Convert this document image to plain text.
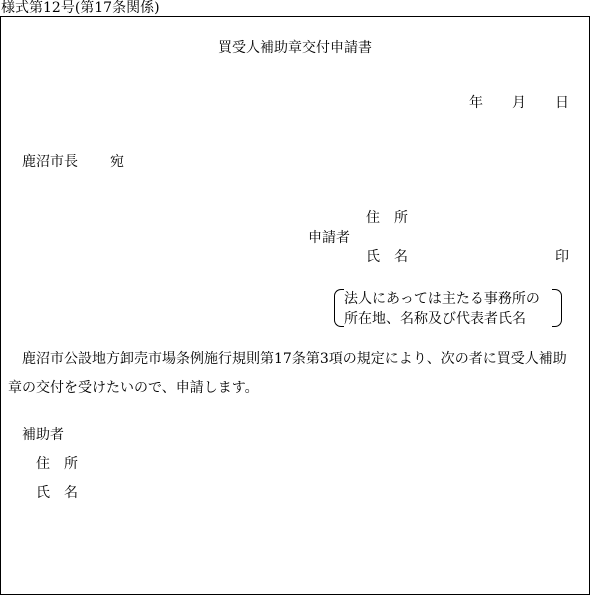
様式第12号(第17条関係)
買受人補助章交付申請書
年 月 日
鹿沼市長 宛
住　所
申請者
氏　名	印
法人にあっては主たる事務所の
所在地、名称及び代表者氏名
鹿沼市公設地方卸売市場条例施行規則第17条第3項の規定により、次の者に買受人補助
章の交付を受けたいので、申請します。
補助者
住　所
氏　名
